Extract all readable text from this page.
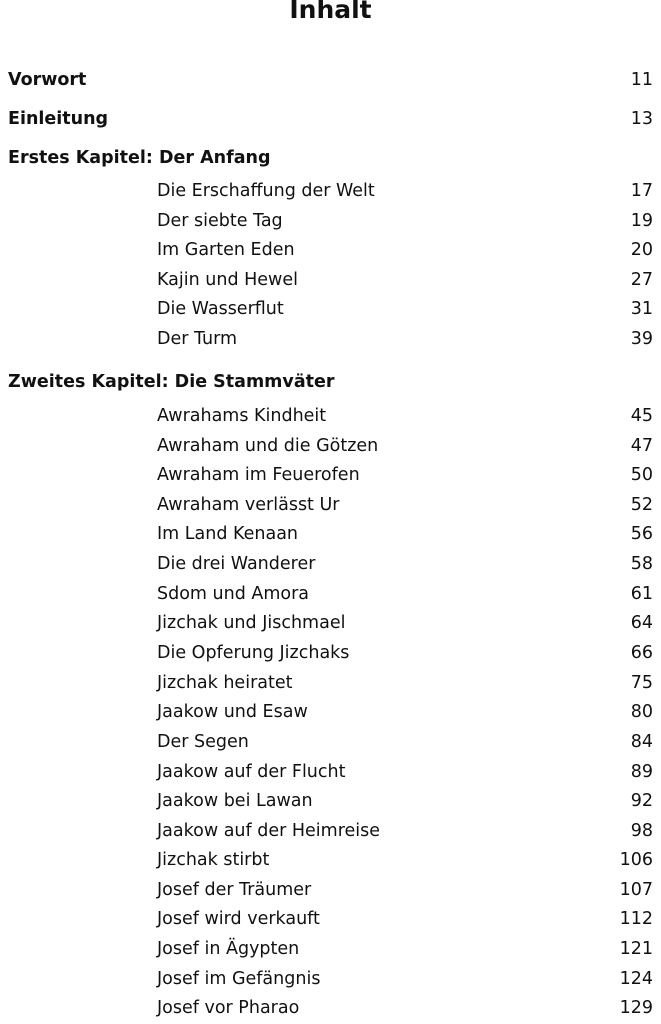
Inhalt
Vorwort	11
Einleitung	13
Erstes Kapitel: Der Anfang
Die Erschaffung der Welt	17
Der siebte Tag	19
Im Garten Eden	20
Kajin und Hewel	27
Die Wasserflut	31
Der Turm	39
Zweites Kapitel: Die Stammväter
Awrahams Kindheit	45
Awraham und die Götzen	47
Awraham im Feuerofen	50
Awraham verlässt Ur	52
Im Land Kenaan	56
Die drei Wanderer	58
Sdom und Amora	61
Jizchak und Jischmael	64
Die Opferung Jizchaks	66
Jizchak heiratet	75
Jaakow und Esaw	80
Der Segen	84
Jaakow auf der Flucht	89
Jaakow bei Lawan	92
Jaakow auf der Heimreise	98
Jizchak stirbt	106
Josef der Träumer	107
Josef wird verkauft	112
Josef in Ägypten	121
Josef im Gefängnis	124
Josef vor Pharao	129
